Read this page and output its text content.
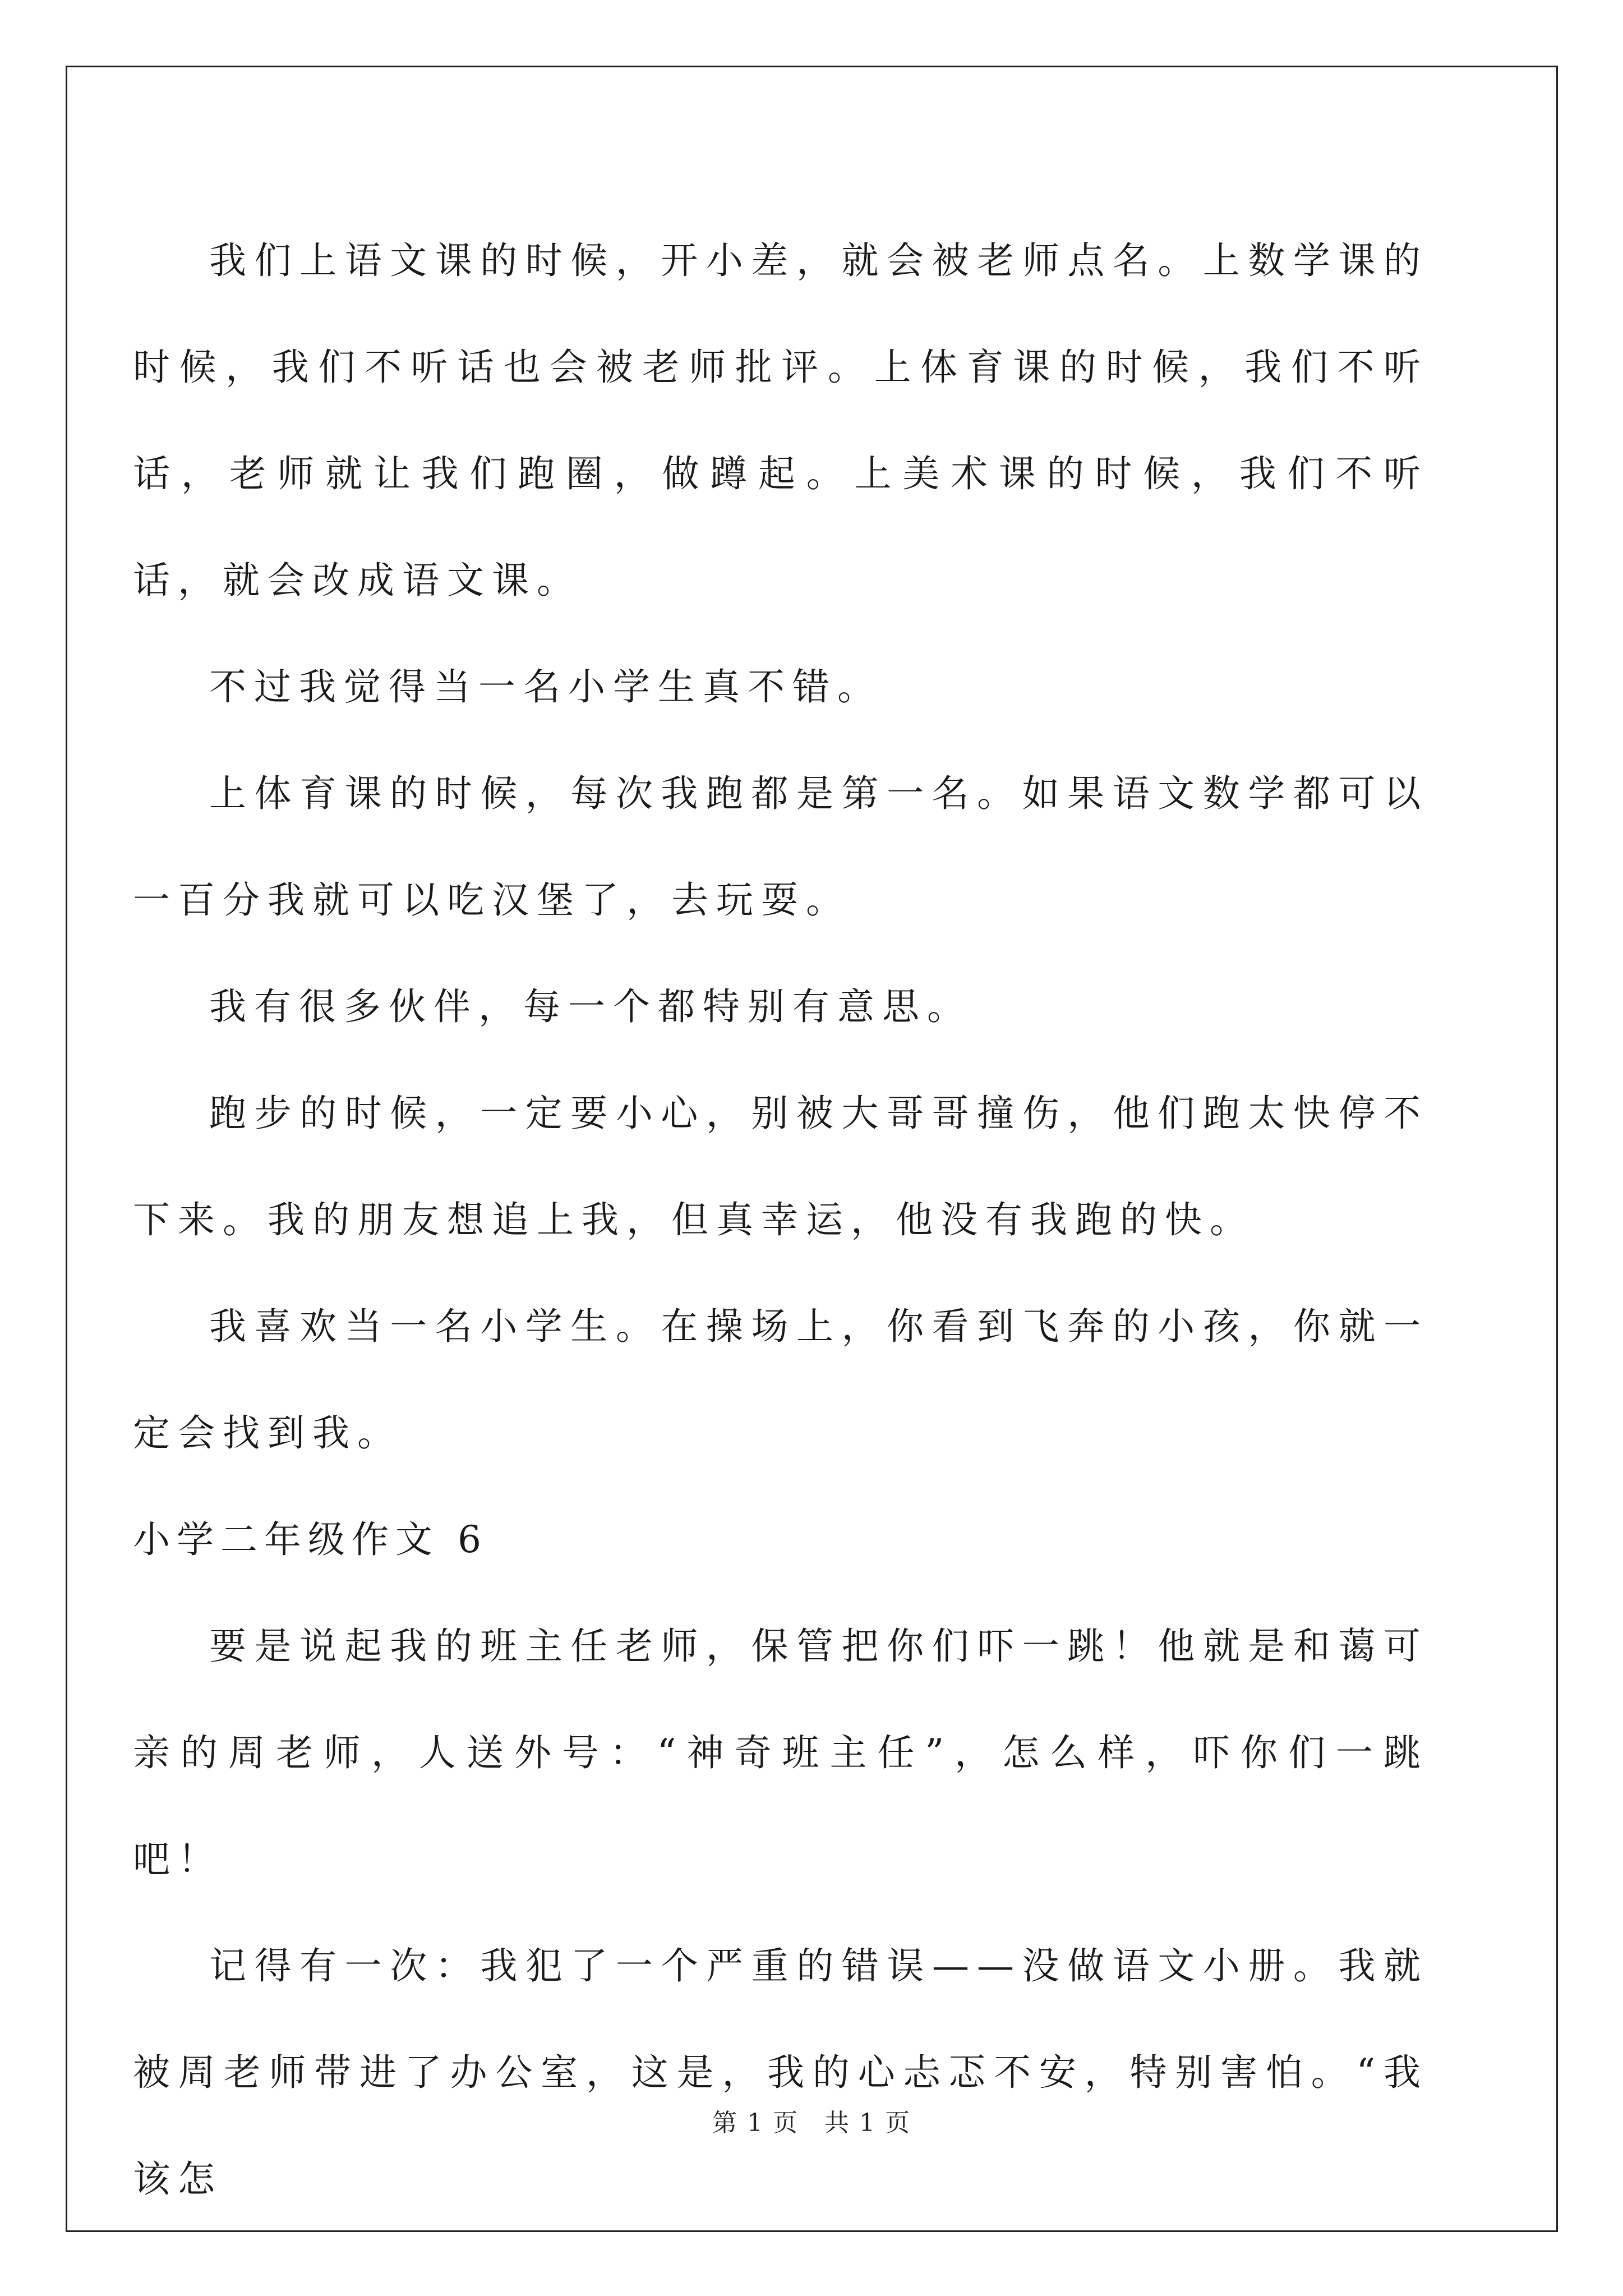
我们上语文课的时候，开小差，就会被老师点名。上数学课的时候，我们不听话也会被老师批评。上体育课的时候，我们不听话，老师就让我们跑圈，做蹲起。上美术课的时候，我们不听话，就会改成语文课。

不过我觉得当一名小学生真不错。

上体育课的时候，每次我跑都是第一名。如果语文数学都可以一百分我就可以吃汉堡了，去玩耍。

我有很多伙伴，每一个都特别有意思。

跑步的时候，一定要小心，别被大哥哥撞伤，他们跑太快停不下来。我的朋友想追上我，但真幸运，他没有我跑的快。

我喜欢当一名小学生。在操场上，你看到飞奔的小孩，你就一定会找到我。

小学二年级作文 6

要是说起我的班主任老师，保管把你们吓一跳！他就是和蔼可亲的周老师，人送外号：“神奇班主任”，怎么样，吓你们一跳吧！

记得有一次：我犯了一个严重的错误——没做语文小册。我就被周老师带进了办公室，这是，我的心忐忑不安，特别害怕。“我该怎

第 1 页　共 1 页
